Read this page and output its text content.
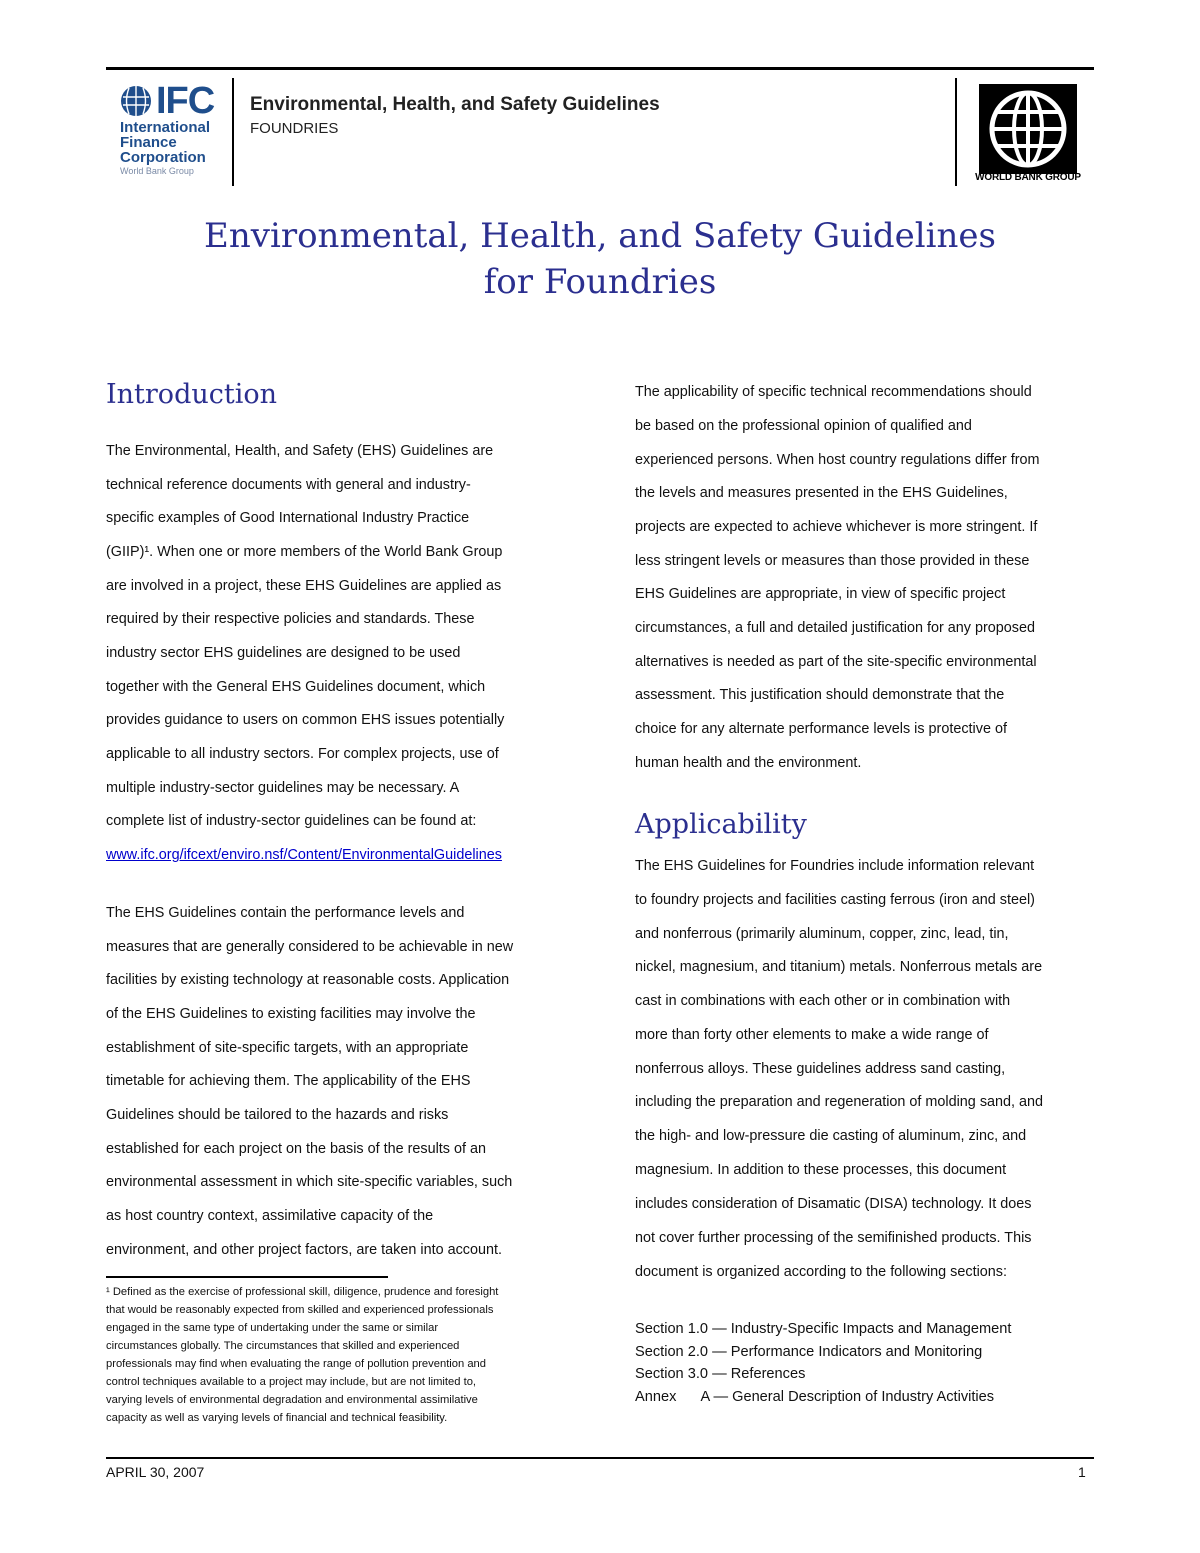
IFC
International
Finance
Corporation
World Bank Group
Environmental, Health, and Safety Guidelines
FOUNDRIES
WORLD BANK GROUP
Environmental, Health, and Safety Guidelines
for Foundries
Introduction
The Environmental, Health, and Safety (EHS) Guidelines are
technical reference documents with general and industry-
specific examples of Good International Industry Practice
(GIIP)¹. When one or more members of the World Bank Group
are involved in a project, these EHS Guidelines are applied as
required by their respective policies and standards. These
industry sector EHS guidelines are designed to be used
together with the General EHS Guidelines document, which
provides guidance to users on common EHS issues potentially
applicable to all industry sectors. For complex projects, use of
multiple industry-sector guidelines may be necessary. A
complete list of industry-sector guidelines can be found at:
www.ifc.org/ifcext/enviro.nsf/Content/EnvironmentalGuidelines
The EHS Guidelines contain the performance levels and
measures that are generally considered to be achievable in new
facilities by existing technology at reasonable costs. Application
of the EHS Guidelines to existing facilities may involve the
establishment of site-specific targets, with an appropriate
timetable for achieving them. The applicability of the EHS
Guidelines should be tailored to the hazards and risks
established for each project on the basis of the results of an
environmental assessment in which site-specific variables, such
as host country context, assimilative capacity of the
environment, and other project factors, are taken into account.
¹ Defined as the exercise of professional skill, diligence, prudence and foresight
that would be reasonably expected from skilled and experienced professionals
engaged in the same type of undertaking under the same or similar
circumstances globally. The circumstances that skilled and experienced
professionals may find when evaluating the range of pollution prevention and
control techniques available to a project may include, but are not limited to,
varying levels of environmental degradation and environmental assimilative
capacity as well as varying levels of financial and technical feasibility.
The applicability of specific technical recommendations should
be based on the professional opinion of qualified and
experienced persons. When host country regulations differ from
the levels and measures presented in the EHS Guidelines,
projects are expected to achieve whichever is more stringent. If
less stringent levels or measures than those provided in these
EHS Guidelines are appropriate, in view of specific project
circumstances, a full and detailed justification for any proposed
alternatives is needed as part of the site-specific environmental
assessment. This justification should demonstrate that the
choice for any alternate performance levels is protective of
human health and the environment.
Applicability
The EHS Guidelines for Foundries include information relevant
to foundry projects and facilities casting ferrous (iron and steel)
and nonferrous (primarily aluminum, copper, zinc, lead, tin,
nickel, magnesium, and titanium) metals. Nonferrous metals are
cast in combinations with each other or in combination with
more than forty other elements to make a wide range of
nonferrous alloys. These guidelines address sand casting,
including the preparation and regeneration of molding sand, and
the high- and low-pressure die casting of aluminum, zinc, and
magnesium. In addition to these processes, this document
includes consideration of Disamatic (DISA) technology. It does
not cover further processing of the semifinished products. This
document is organized according to the following sections:
Section 1.0 — Industry-Specific Impacts and Management
Section 2.0 — Performance Indicators and Monitoring
Section 3.0 — References
Annex A — General Description of Industry Activities
APRIL 30, 2007	1
